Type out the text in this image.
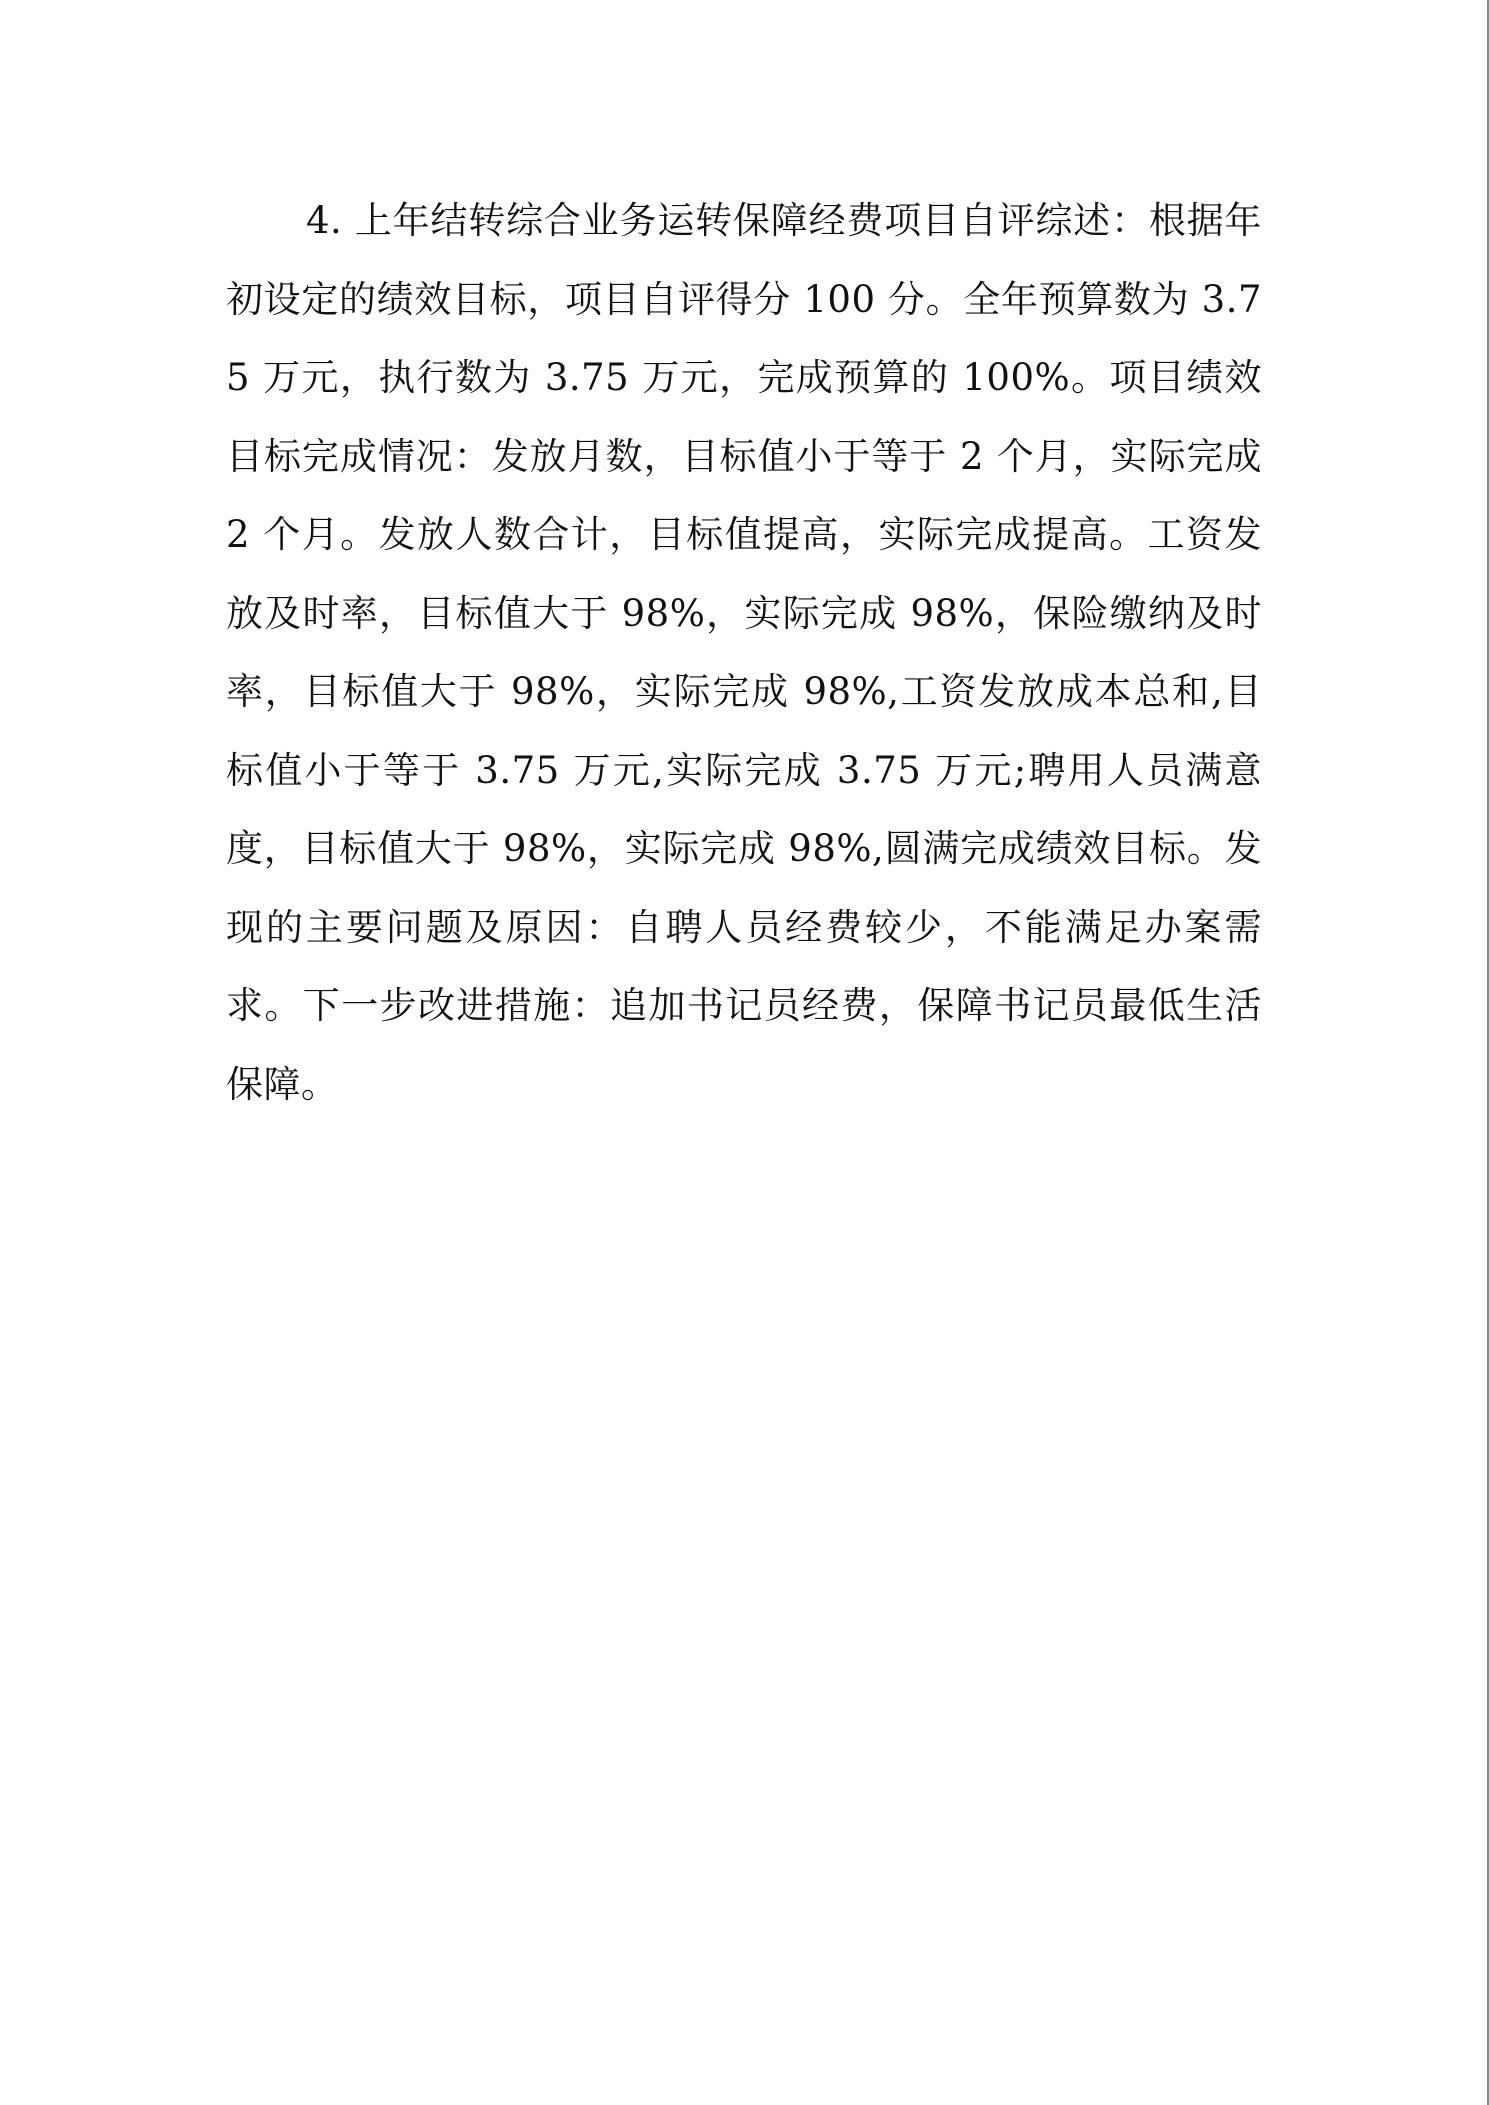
4. 上年结转综合业务运转保障经费项目自评综述：根据年初设定的绩效目标，项目自评得分 100 分。全年预算数为 3.75 万元，执行数为 3.75 万元，完成预算的 100%。项目绩效目标完成情况：发放月数，目标值小于等于 2 个月，实际完成 2 个月。发放人数合计，目标值提高，实际完成提高。工资发放及时率，目标值大于 98%，实际完成 98%，保险缴纳及时率，目标值大于 98%，实际完成 98%,工资发放成本总和,目标值小于等于 3.75 万元,实际完成 3.75 万元;聘用人员满意度，目标值大于 98%，实际完成 98%,圆满完成绩效目标。发现的主要问题及原因：自聘人员经费较少，不能满足办案需求。下一步改进措施：追加书记员经费，保障书记员最低生活保障。
